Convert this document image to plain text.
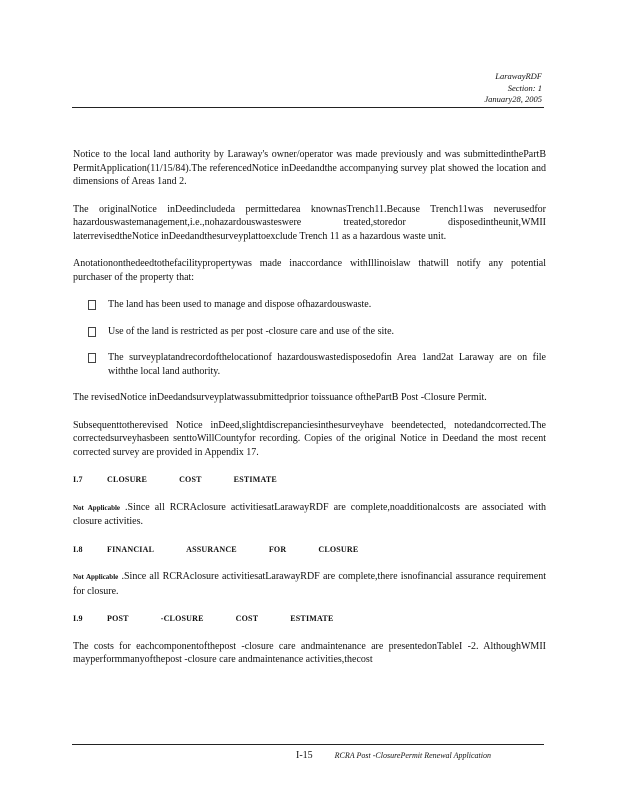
LarawayRDF
Section: 1
January28, 2005

Notice to the local land authority by Laraway's owner/operator was made previously and was submittedinthePartB PermitApplication(11/15/84).The referencedNotice inDeedandthe accompanying survey plat showed the location and dimensions of Areas 1and 2.

The originalNotice inDeedincludeda permittedarea knownasTrench11.Because Trench11was neverusedfor hazardouswastemanagement,i.e.,nohazardouswasteswere treated,storedor disposedintheunit,WMII laterrevisedtheNotice inDeedandthesurveyplattoexclude Trench 11 as a hazardous waste unit.

Anotationonthedeedtothefacilitypropertywas made inaccordance withIllinoislaw thatwill notify any potential purchaser of the property that:

The land has been used to manage and dispose ofhazardouswaste.
Use of the land is restricted as per post -closure care and use of the site.
The surveyplatandrecordofthelocationof hazardouswastedisposedofin Area 1and2at Laraway are on file withthe local land authority.

The revisedNotice inDeedandsurveyplatwassubmittedprior toissuance ofthePartB Post -Closure Permit.

Subsequenttotherevised Notice inDeed,slightdiscrepanciesinthesurveyhave beendetected, notedandcorrected.The correctedsurveyhasbeen senttoWillCountyfor recording. Copies of the original Notice in Deedand the most recent corrected survey are provided in Appendix 17.

I.7	CLOSURE	COST	ESTIMATE

Not Applicable .Since all RCRAclosure activitiesatLarawayRDF are complete,noadditionalcosts are associated with closure activities.

I.8	FINANCIAL	ASSURANCE	FOR	CLOSURE

Not Applicable .Since all RCRAclosure activitiesatLarawayRDF are complete,there isnofinancial assurance requirement for closure.

I.9	POST	-CLOSURE	COST	ESTIMATE

The costs for eachcomponentofthepost -closure care andmaintenance are presentedonTableI -2. AlthoughWMII mayperformmanyofthepost -closure care andmaintenance activities,thecost

I-15	RCRA Post -ClosurePermit Renewal Application
